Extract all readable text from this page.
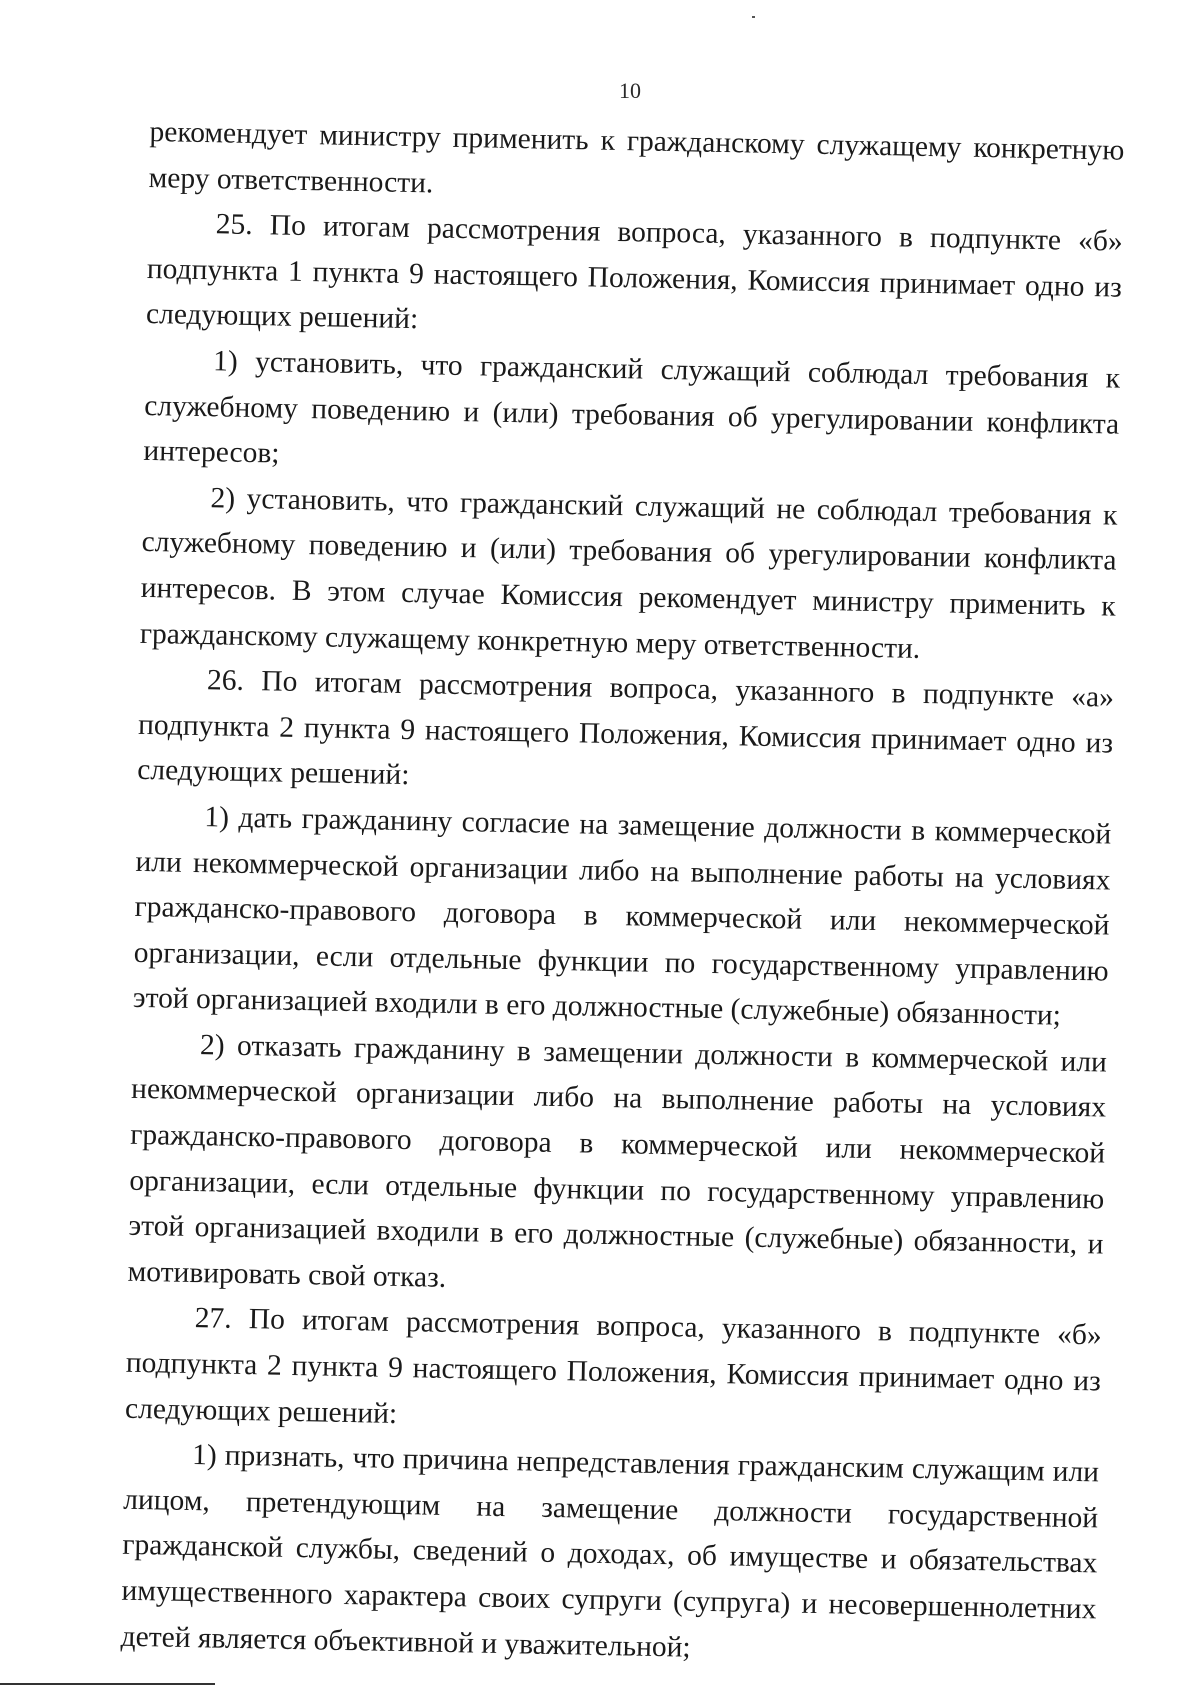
10

рекомендует министру применить к гражданскому служащему конкретную меру ответственности.

25. По итогам рассмотрения вопроса, указанного в подпункте «б» подпункта 1 пункта 9 настоящего Положения, Комиссия принимает одно из следующих решений:

1) установить, что гражданский служащий соблюдал требования к служебному поведению и (или) требования об урегулировании конфликта интересов;

2) установить, что гражданский служащий не соблюдал требования к служебному поведению и (или) требования об урегулировании конфликта интересов. В этом случае Комиссия рекомендует министру применить к гражданскому служащему конкретную меру ответственности.

26. По итогам рассмотрения вопроса, указанного в подпункте «а» подпункта 2 пункта 9 настоящего Положения, Комиссия принимает одно из следующих решений:

1) дать гражданину согласие на замещение должности в коммерческой или некоммерческой организации либо на выполнение работы на условиях гражданско-правового договора в коммерческой или некоммерческой организации, если отдельные функции по государственному управлению этой организацией входили в его должностные (служебные) обязанности;

2) отказать гражданину в замещении должности в коммерческой или некоммерческой организации либо на выполнение работы на условиях гражданско-правового договора в коммерческой или некоммерческой организации, если отдельные функции по государственному управлению этой организацией входили в его должностные (служебные) обязанности, и мотивировать свой отказ.

27. По итогам рассмотрения вопроса, указанного в подпункте «б» подпункта 2 пункта 9 настоящего Положения, Комиссия принимает одно из следующих решений:

1) признать, что причина непредставления гражданским служащим или лицом, претендующим на замещение должности государственной гражданской службы, сведений о доходах, об имуществе и обязательствах имущественного характера своих супруги (супруга) и несовершеннолетних детей является объективной и уважительной;
